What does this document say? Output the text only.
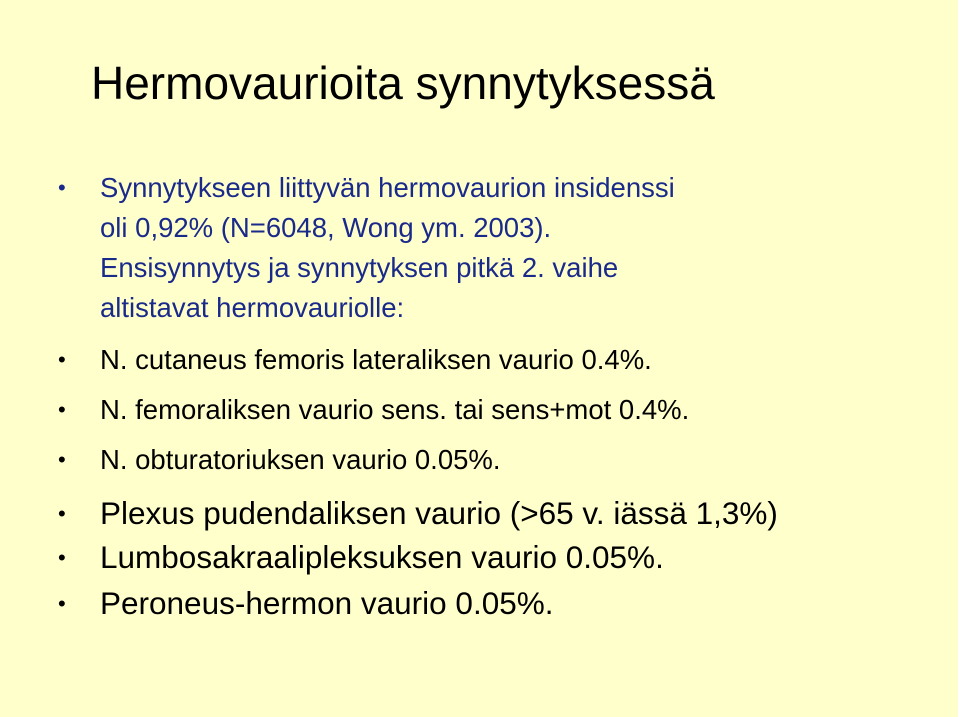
Hermovaurioita synnytyksessä
• Synnytykseen liittyvän hermovaurion insidenssi
oli 0,92% (N=6048, Wong ym. 2003).
Ensisynnytys ja synnytyksen pitkä 2. vaihe
altistavat hermovauriolle:
• N. cutaneus femoris lateraliksen vaurio 0.4%.
• N. femoraliksen vaurio sens. tai sens+mot 0.4%.
• N. obturatoriuksen vaurio 0.05%.
• Plexus pudendaliksen vaurio (>65 v. iässä 1,3%)
• Lumbosakraalipleksuksen vaurio 0.05%.
• Peroneus-hermon vaurio 0.05%.
